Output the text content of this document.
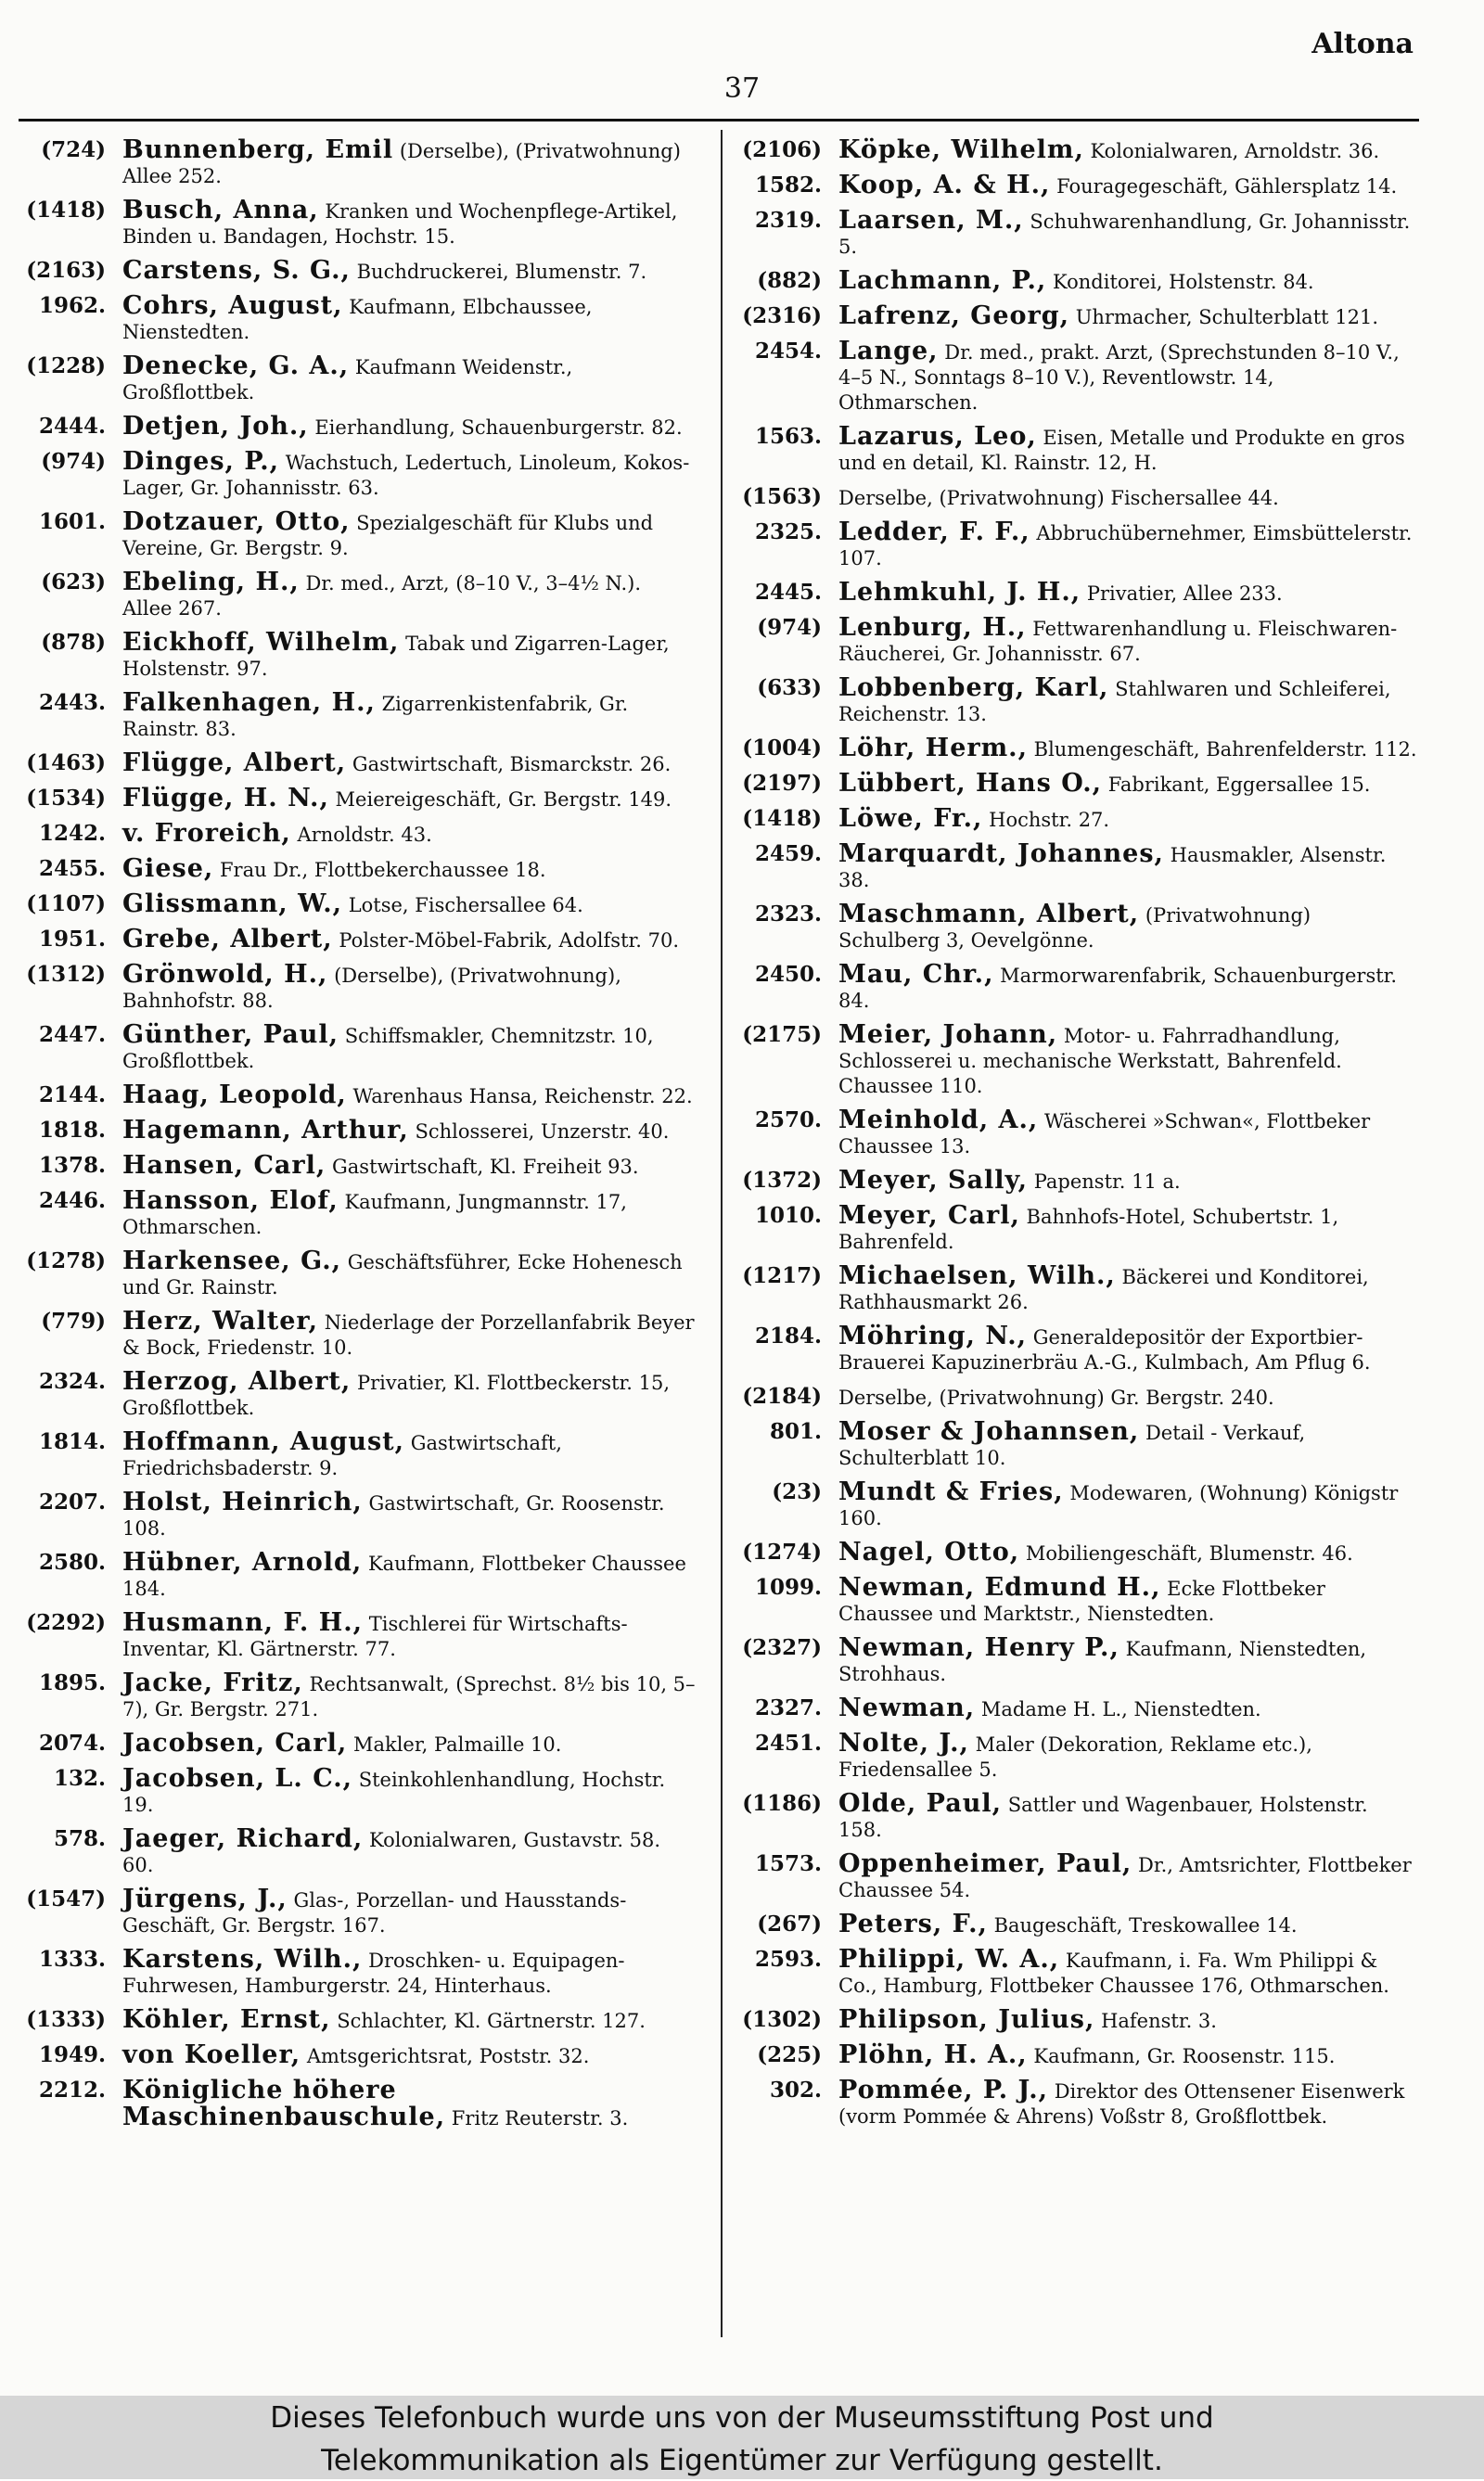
Altona
37
(724) Bunnenberg, Emil (Derselbe), (Privatwohnung) Allee 252.
(1418) Busch, Anna, Kranken und Wochenpflege-Artikel, Binden u. Bandagen, Hochstr. 15.
(2163) Carstens, S. G., Buchdruckerei, Blumenstr. 7.
1962. Cohrs, August, Kaufmann, Elbchaussee, Nienstedten.
(1228) Denecke, G. A., Kaufmann Weidenstr., Großflottbek.
2444. Detjen, Joh., Eierhandlung, Schauenburgerstr. 82.
(974) Dinges, P., Wachstuch, Ledertuch, Linoleum, Kokos-Lager, Gr. Johannisstr. 63.
1601. Dotzauer, Otto, Spezialgeschäft für Klubs und Vereine, Gr. Bergstr. 9.
(623) Ebeling, H., Dr. med., Arzt, (8–10 V., 3–4½ N.). Allee 267.
(878) Eickhoff, Wilhelm, Tabak und Zigarren-Lager, Holstenstr. 97.
2443. Falkenhagen, H., Zigarrenkistenfabrik, Gr. Rainstr. 83.
(1463) Flügge, Albert, Gastwirtschaft, Bismarckstr. 26.
(1534) Flügge, H. N., Meiereigeschäft, Gr. Bergstr. 149.
1242. v. Froreich, Arnoldstr. 43.
2455. Giese, Frau Dr., Flottbekerchaussee 18.
(1107) Glissmann, W., Lotse, Fischersallee 64.
1951. Grebe, Albert, Polster-Möbel-Fabrik, Adolfstr. 70.
(1312) Grönwold, H., (Derselbe), (Privatwohnung), Bahnhofstr. 88.
2447. Günther, Paul, Schiffsmakler, Chemnitzstr. 10, Großflottbek.
2144. Haag, Leopold, Warenhaus Hansa, Reichenstr. 22.
1818. Hagemann, Arthur, Schlosserei, Unzerstr. 40.
1378. Hansen, Carl, Gastwirtschaft, Kl. Freiheit 93.
2446. Hansson, Elof, Kaufmann, Jungmannstr. 17, Othmarschen.
(1278) Harkensee, G., Geschäftsführer, Ecke Hohenesch und Gr. Rainstr.
(779) Herz, Walter, Niederlage der Porzellanfabrik Beyer & Bock, Friedenstr. 10.
2324. Herzog, Albert, Privatier, Kl. Flottbeckerstr. 15, Großflottbek.
1814. Hoffmann, August, Gastwirtschaft, Friedrichsbaderstr. 9.
2207. Holst, Heinrich, Gastwirtschaft, Gr. Roosenstr. 108.
2580. Hübner, Arnold, Kaufmann, Flottbeker Chaussee 184.
(2292) Husmann, F. H., Tischlerei für Wirtschafts-Inventar, Kl. Gärtnerstr. 77.
1895. Jacke, Fritz, Rechtsanwalt, (Sprechst. 8½ bis 10, 5–7), Gr. Bergstr. 271.
2074. Jacobsen, Carl, Makler, Palmaille 10.
132. Jacobsen, L. C., Steinkohlenhandlung, Hochstr. 19.
578. Jaeger, Richard, Kolonialwaren, Gustavstr. 58. 60.
(1547) Jürgens, J., Glas-, Porzellan- und Hausstands-Geschäft, Gr. Bergstr. 167.
1333. Karstens, Wilh., Droschken- u. Equipagen-Fuhrwesen, Hamburgerstr. 24, Hinterhaus.
(1333) Köhler, Ernst, Schlachter, Kl. Gärtnerstr. 127.
1949. von Koeller, Amtsgerichtsrat, Poststr. 32.
2212. Königliche höhere Maschinenbauschule, Fritz Reuterstr. 3.
(2106) Köpke, Wilhelm, Kolonialwaren, Arnoldstr. 36.
1582. Koop, A. & H., Fouragegeschäft, Gählersplatz 14.
2319. Laarsen, M., Schuhwarenhandlung, Gr. Johannisstr. 5.
(882) Lachmann, P., Konditorei, Holstenstr. 84.
(2316) Lafrenz, Georg, Uhrmacher, Schulterblatt 121.
2454. Lange, Dr. med., prakt. Arzt, (Sprechstunden 8–10 V., 4–5 N., Sonntags 8–10 V.), Reventlowstr. 14, Othmarschen.
1563. Lazarus, Leo, Eisen, Metalle und Produkte en gros und en detail, Kl. Rainstr. 12, H.
(1563) Derselbe, (Privatwohnung) Fischersallee 44.
2325. Ledder, F. F., Abbruchübernehmer, Eimsbüttelerstr. 107.
2445. Lehmkuhl, J. H., Privatier, Allee 233.
(974) Lenburg, H., Fettwarenhandlung u. Fleischwaren-Räucherei, Gr. Johannisstr. 67.
(633) Lobbenberg, Karl, Stahlwaren und Schleiferei, Reichenstr. 13.
(1004) Löhr, Herm., Blumengeschäft, Bahrenfelderstr. 112.
(2197) Lübbert, Hans O., Fabrikant, Eggersallee 15.
(1418) Löwe, Fr., Hochstr. 27.
2459. Marquardt, Johannes, Hausmakler, Alsenstr. 38.
2323. Maschmann, Albert, (Privatwohnung) Schulberg 3, Oevelgönne.
2450. Mau, Chr., Marmorwarenfabrik, Schauenburgerstr. 84.
(2175) Meier, Johann, Motor- u. Fahrradhandlung, Schlosserei u. mechanische Werkstatt, Bahrenfeld. Chaussee 110.
2570. Meinhold, A., Wäscherei »Schwan«, Flottbeker Chaussee 13.
(1372) Meyer, Sally, Papenstr. 11 a.
1010. Meyer, Carl, Bahnhofs-Hotel, Schubertstr. 1, Bahrenfeld.
(1217) Michaelsen, Wilh., Bäckerei und Konditorei, Rathhausmarkt 26.
2184. Möhring, N., Generaldepositör der Exportbier-Brauerei Kapuzinerbräu A.-G., Kulmbach, Am Pflug 6.
(2184) Derselbe, (Privatwohnung) Gr. Bergstr. 240.
801. Moser & Johannsen, Detail - Verkauf, Schulterblatt 10.
(23) Mundt & Fries, Modewaren, (Wohnung) Königstr 160.
(1274) Nagel, Otto, Mobiliengeschäft, Blumenstr. 46.
1099. Newman, Edmund H., Ecke Flottbeker Chaussee und Marktstr., Nienstedten.
(2327) Newman, Henry P., Kaufmann, Nienstedten, Strohhaus.
2327. Newman, Madame H. L., Nienstedten.
2451. Nolte, J., Maler (Dekoration, Reklame etc.), Friedensallee 5.
(1186) Olde, Paul, Sattler und Wagenbauer, Holstenstr. 158.
1573. Oppenheimer, Paul, Dr., Amtsrichter, Flottbeker Chaussee 54.
(267) Peters, F., Baugeschäft, Treskowallee 14.
2593. Philippi, W. A., Kaufmann, i. Fa. Wm Philippi & Co., Hamburg, Flottbeker Chaussee 176, Othmarschen.
(1302) Philipson, Julius, Hafenstr. 3.
(225) Plöhn, H. A., Kaufmann, Gr. Roosenstr. 115.
302. Pommée, P. J., Direktor des Ottensener Eisenwerk (vorm Pommée & Ahrens) Voßstr 8, Großflottbek.
Dieses Telefonbuch wurde uns von der Museumsstiftung Post und
Telekommunikation als Eigentümer zur Verfügung gestellt.
